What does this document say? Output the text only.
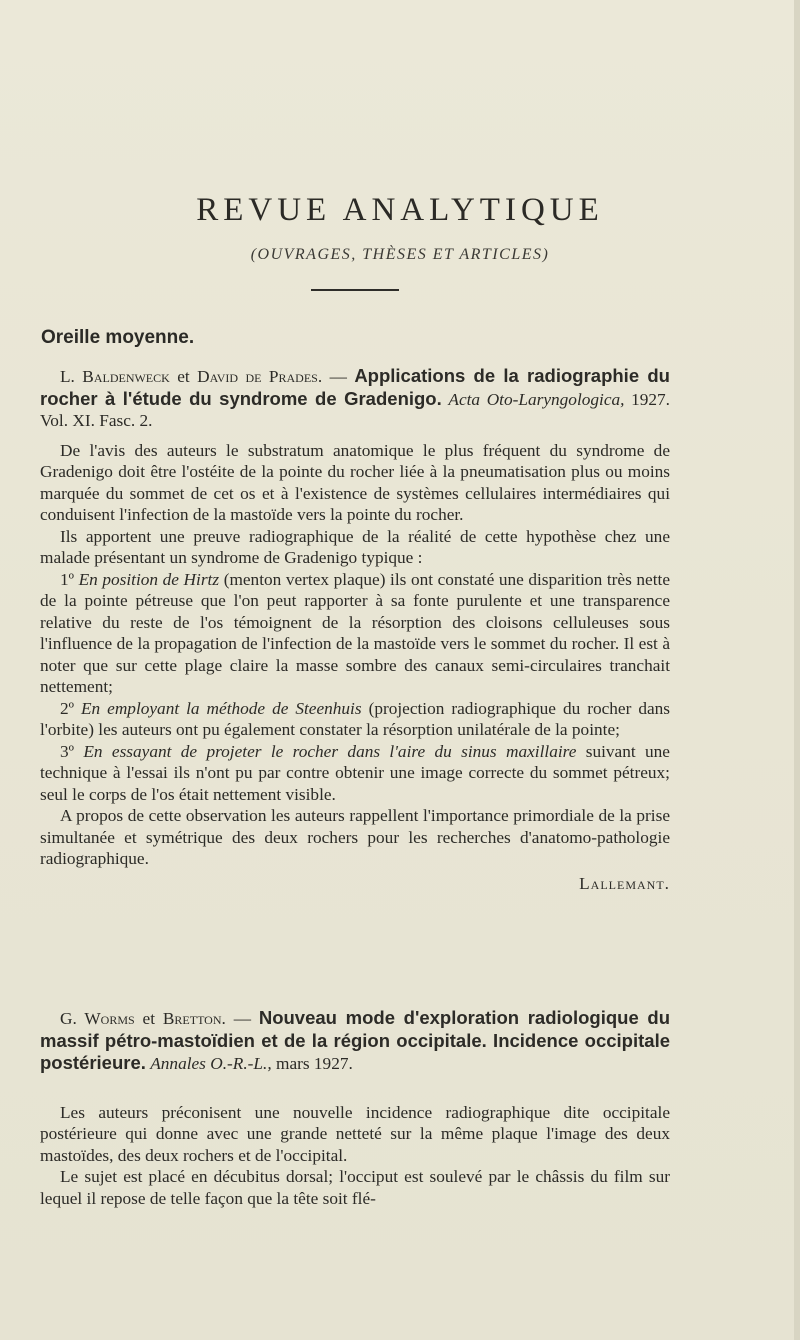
REVUE ANALYTIQUE
(OUVRAGES, THÈSES ET ARTICLES)
Oreille moyenne.

L. Baldenweck et David de Prades. — Applications de la radiographie du rocher à l'étude du syndrome de Gradenigo. Acta Oto-Laryngologica, 1927. Vol. XI. Fasc. 2.

De l'avis des auteurs le substratum anatomique le plus fréquent du syndrome de Gradenigo doit être l'ostéite de la pointe du rocher liée à la pneumatisation plus ou moins marquée du sommet de cet os et à l'existence de systèmes cellulaires intermédiaires qui conduisent l'infection de la mastoïde vers la pointe du rocher.

Ils apportent une preuve radiographique de la réalité de cette hypothèse chez une malade présentant un syndrome de Gradenigo typique :

1º En position de Hirtz (menton vertex plaque) ils ont constaté une disparition très nette de la pointe pétreuse que l'on peut rapporter à sa fonte purulente et une transparence relative du reste de l'os témoignent de la résorption des cloisons celluleuses sous l'influence de la propagation de l'infection de la mastoïde vers le sommet du rocher. Il est à noter que sur cette plage claire la masse sombre des canaux semi-circulaires tranchait nettement;

2º En employant la méthode de Steenhuis (projection radiographique du rocher dans l'orbite) les auteurs ont pu également constater la résorption unilatérale de la pointe;

3º En essayant de projeter le rocher dans l'aire du sinus maxillaire suivant une technique à l'essai ils n'ont pu par contre obtenir une image correcte du sommet pétreux; seul le corps de l'os était nettement visible.

A propos de cette observation les auteurs rappellent l'importance primordiale de la prise simultanée et symétrique des deux rochers pour les recherches d'anatomo-pathologie radiographique.

Lallemant.

G. Worms et Bretton. — Nouveau mode d'exploration radiologique du massif pétro-mastoïdien et de la région occipitale. Incidence occipitale postérieure. Annales O.-R.-L., mars 1927.

Les auteurs préconisent une nouvelle incidence radiographique dite occipitale postérieure qui donne avec une grande netteté sur la même plaque l'image des deux mastoïdes, des deux rochers et de l'occipital.

Le sujet est placé en décubitus dorsal; l'occiput est soulevé par le châssis du film sur lequel il repose de telle façon que la tête soit flé-
